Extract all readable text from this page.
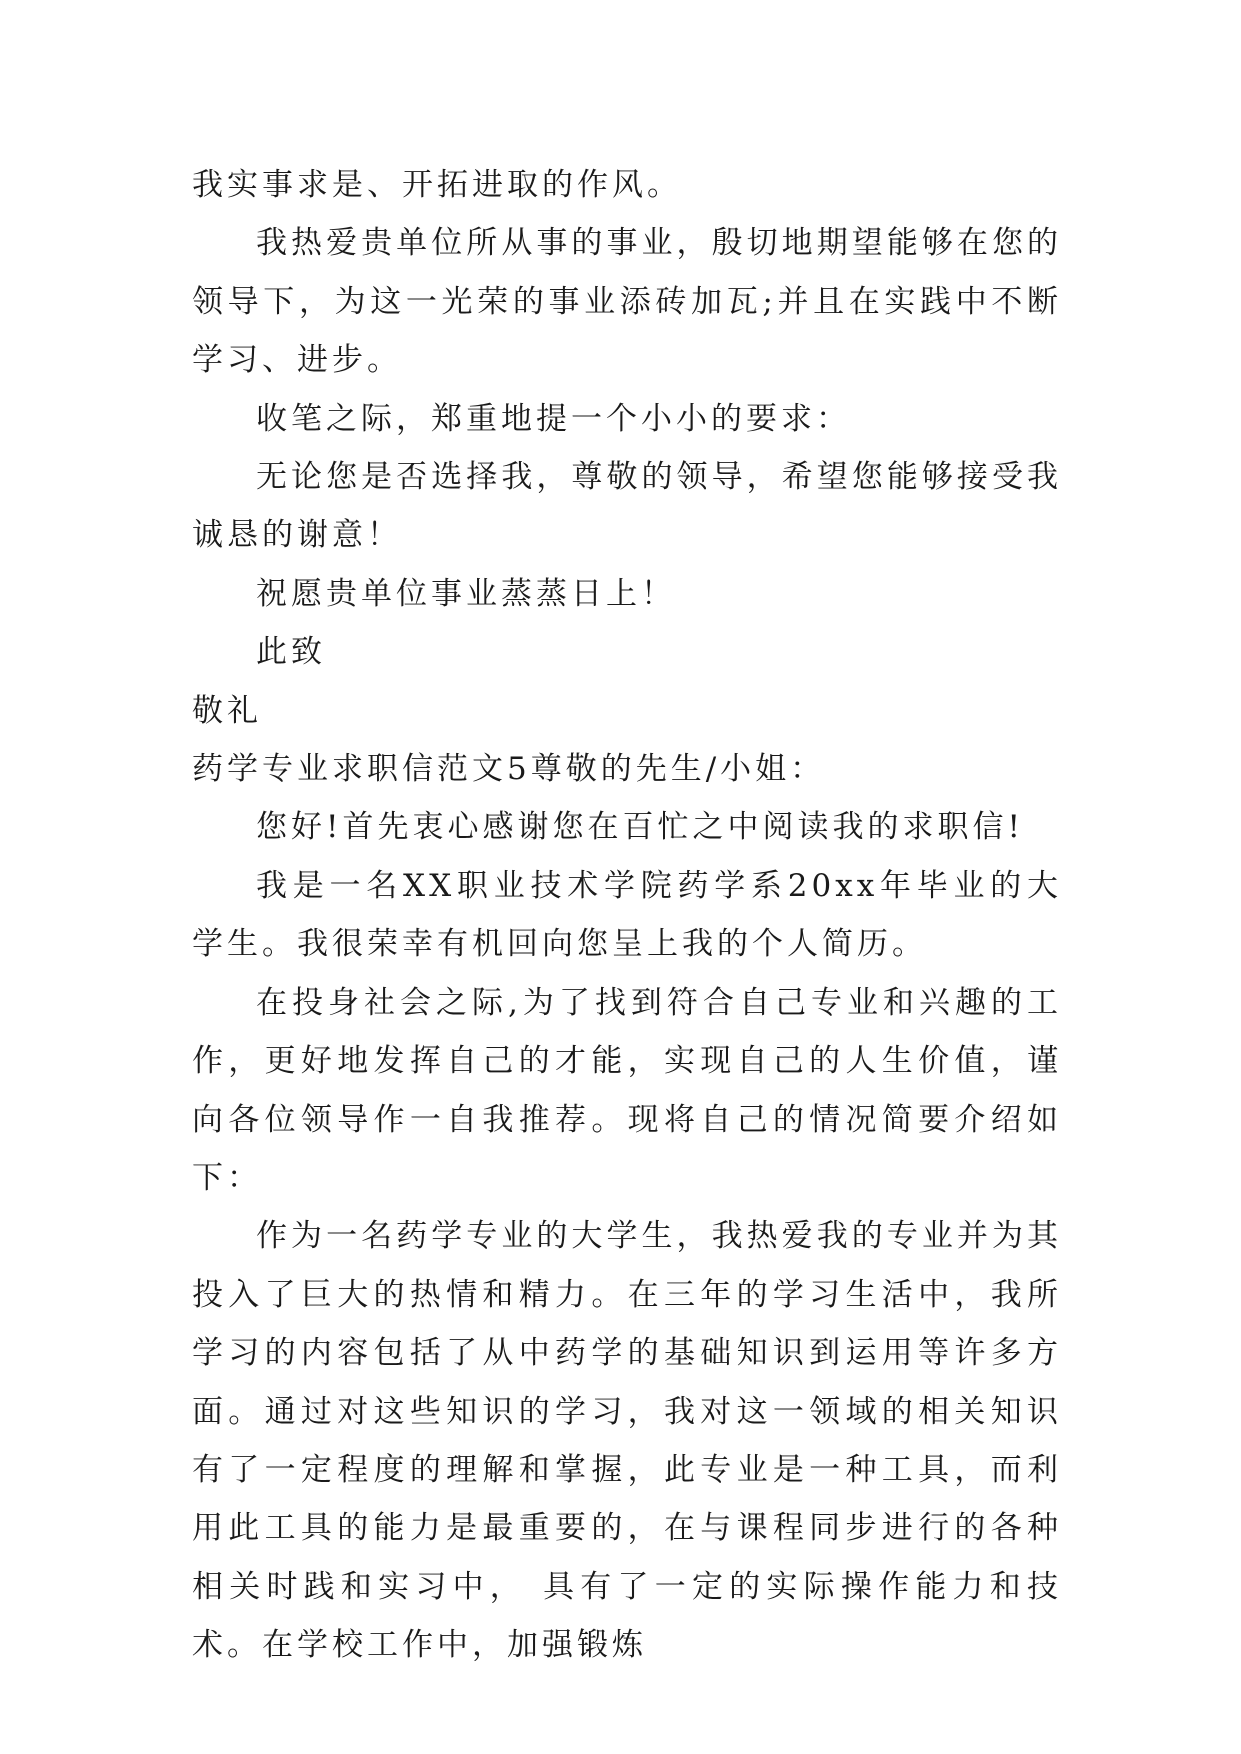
我实事求是、开拓进取的作风。

我热爱贵单位所从事的事业，殷切地期望能够在您的领导下，为这一光荣的事业添砖加瓦;并且在实践中不断学习、进步。

收笔之际，郑重地提一个小小的要求：

无论您是否选择我，尊敬的领导，希望您能够接受我诚恳的谢意！

祝愿贵单位事业蒸蒸日上！

此致

敬礼

药学专业求职信范文5尊敬的先生/小姐：

您好!首先衷心感谢您在百忙之中阅读我的求职信!

我是一名XX职业技术学院药学系20xx年毕业的大学生。我很荣幸有机回向您呈上我的个人简历。

在投身社会之际,为了找到符合自己专业和兴趣的工作，更好地发挥自己的才能，实现自己的人生价值，谨向各位领导作一自我推荐。现将自己的情况简要介绍如下：

作为一名药学专业的大学生，我热爱我的专业并为其投入了巨大的热情和精力。在三年的学习生活中，我所学习的内容包括了从中药学的基础知识到运用等许多方面。通过对这些知识的学习，我对这一领域的相关知识有了一定程度的理解和掌握，此专业是一种工具，而利用此工具的能力是最重要的，在与课程同步进行的各种相关时践和实习中， 具有了一定的实际操作能力和技术。在学校工作中，加强锻炼
